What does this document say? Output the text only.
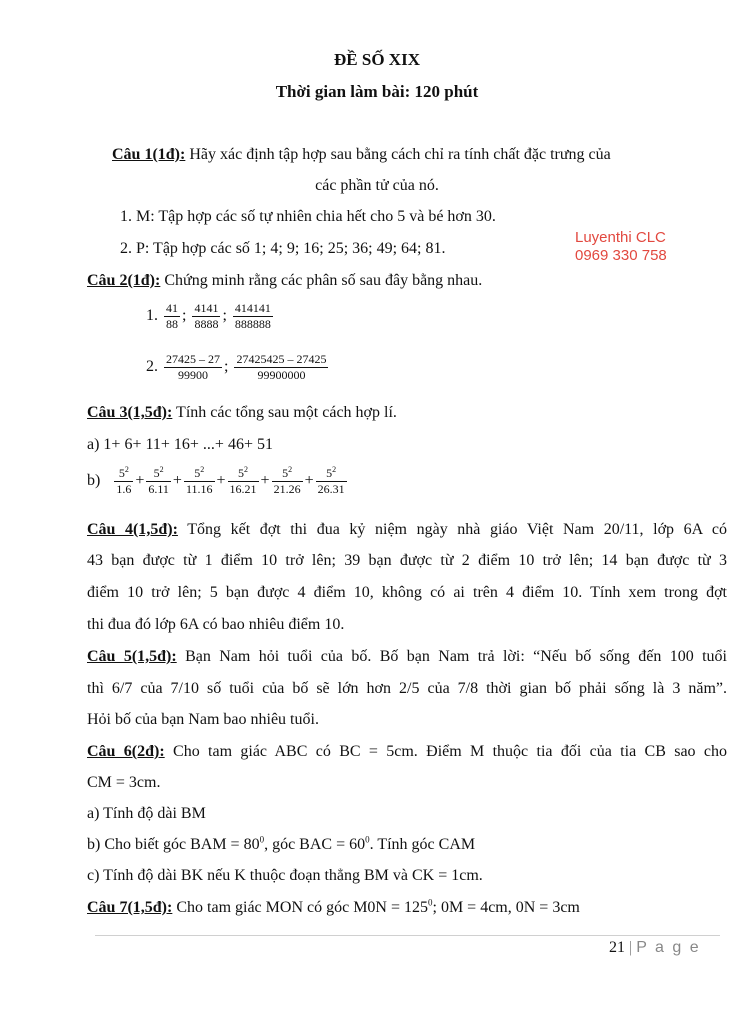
ĐỀ SỐ XIX
Thời gian làm bài: 120 phút
Câu 1(1đ): Hãy xác định tập hợp sau bằng cách chỉ ra tính chất đặc trưng của
các phần tử của nó.
1. M: Tập hợp các số tự nhiên chia hết cho 5 và bé hơn 30.
2. P: Tập hợp các số 1; 4; 9; 16; 25; 36; 49; 64; 81.
Luyenthi CLC
0969 330 758
Câu 2(1đ): Chứng minh rằng các phân số sau đây bằng nhau.
1. $\frac{41}{88}$ ; $\frac{4141}{8888}$ ; $\frac{414141}{888888}$
2. $\frac{27425 - 27}{99900}$ ; $\frac{27425425 - 27425}{99900000}$
Câu 3(1,5đ): Tính các tổng sau một cách hợp lí.
a) 1+ 6+ 11+ 16+ ...+ 46+ 51
$b) \frac{5^2}{1.6} + \frac{5^2}{6.11} + \frac{5^2}{11.16} + \frac{5^2}{16.21} + \frac{5^2}{21.26} + \frac{5^2}{26.31}$
Câu 4(1,5đ): Tổng kết đợt thi đua kỷ niệm ngày nhà giáo Việt Nam 20/11, lớp 6A có
43 bạn được từ 1 điểm 10 trở lên; 39 bạn được từ 2 điểm 10 trở lên; 14 bạn được từ 3
điểm 10 trở lên; 5 bạn được 4 điểm 10, không có ai trên 4 điểm 10. Tính xem trong đợt
thi đua đó lớp 6A có bao nhiêu điểm 10.
Câu 5(1,5đ): Bạn Nam hỏi tuổi của bố. Bố bạn Nam trả lời: “Nếu bố sống đến 100 tuổi
thì 6/7 của 7/10 số tuổi của bố sẽ lớn hơn 2/5 của 7/8 thời gian bố phải sống là 3 năm”.
Hỏi bố của bạn Nam bao nhiêu tuổi.
Câu 6(2đ): Cho tam giác ABC có BC = 5cm. Điểm M thuộc tia đối của tia CB sao cho
CM = 3cm.
a) Tính độ dài BM
b) Cho biết góc BAM = $80^0$, góc BAC = $60^0$. Tính góc CAM
c) Tính độ dài BK nếu K thuộc đoạn thẳng BM và CK = 1cm.
Câu 7(1,5đ): Cho tam giác MON có góc $M0N = 125^0$; 0M = 4cm, 0N = 3cm
21 | P a g e
